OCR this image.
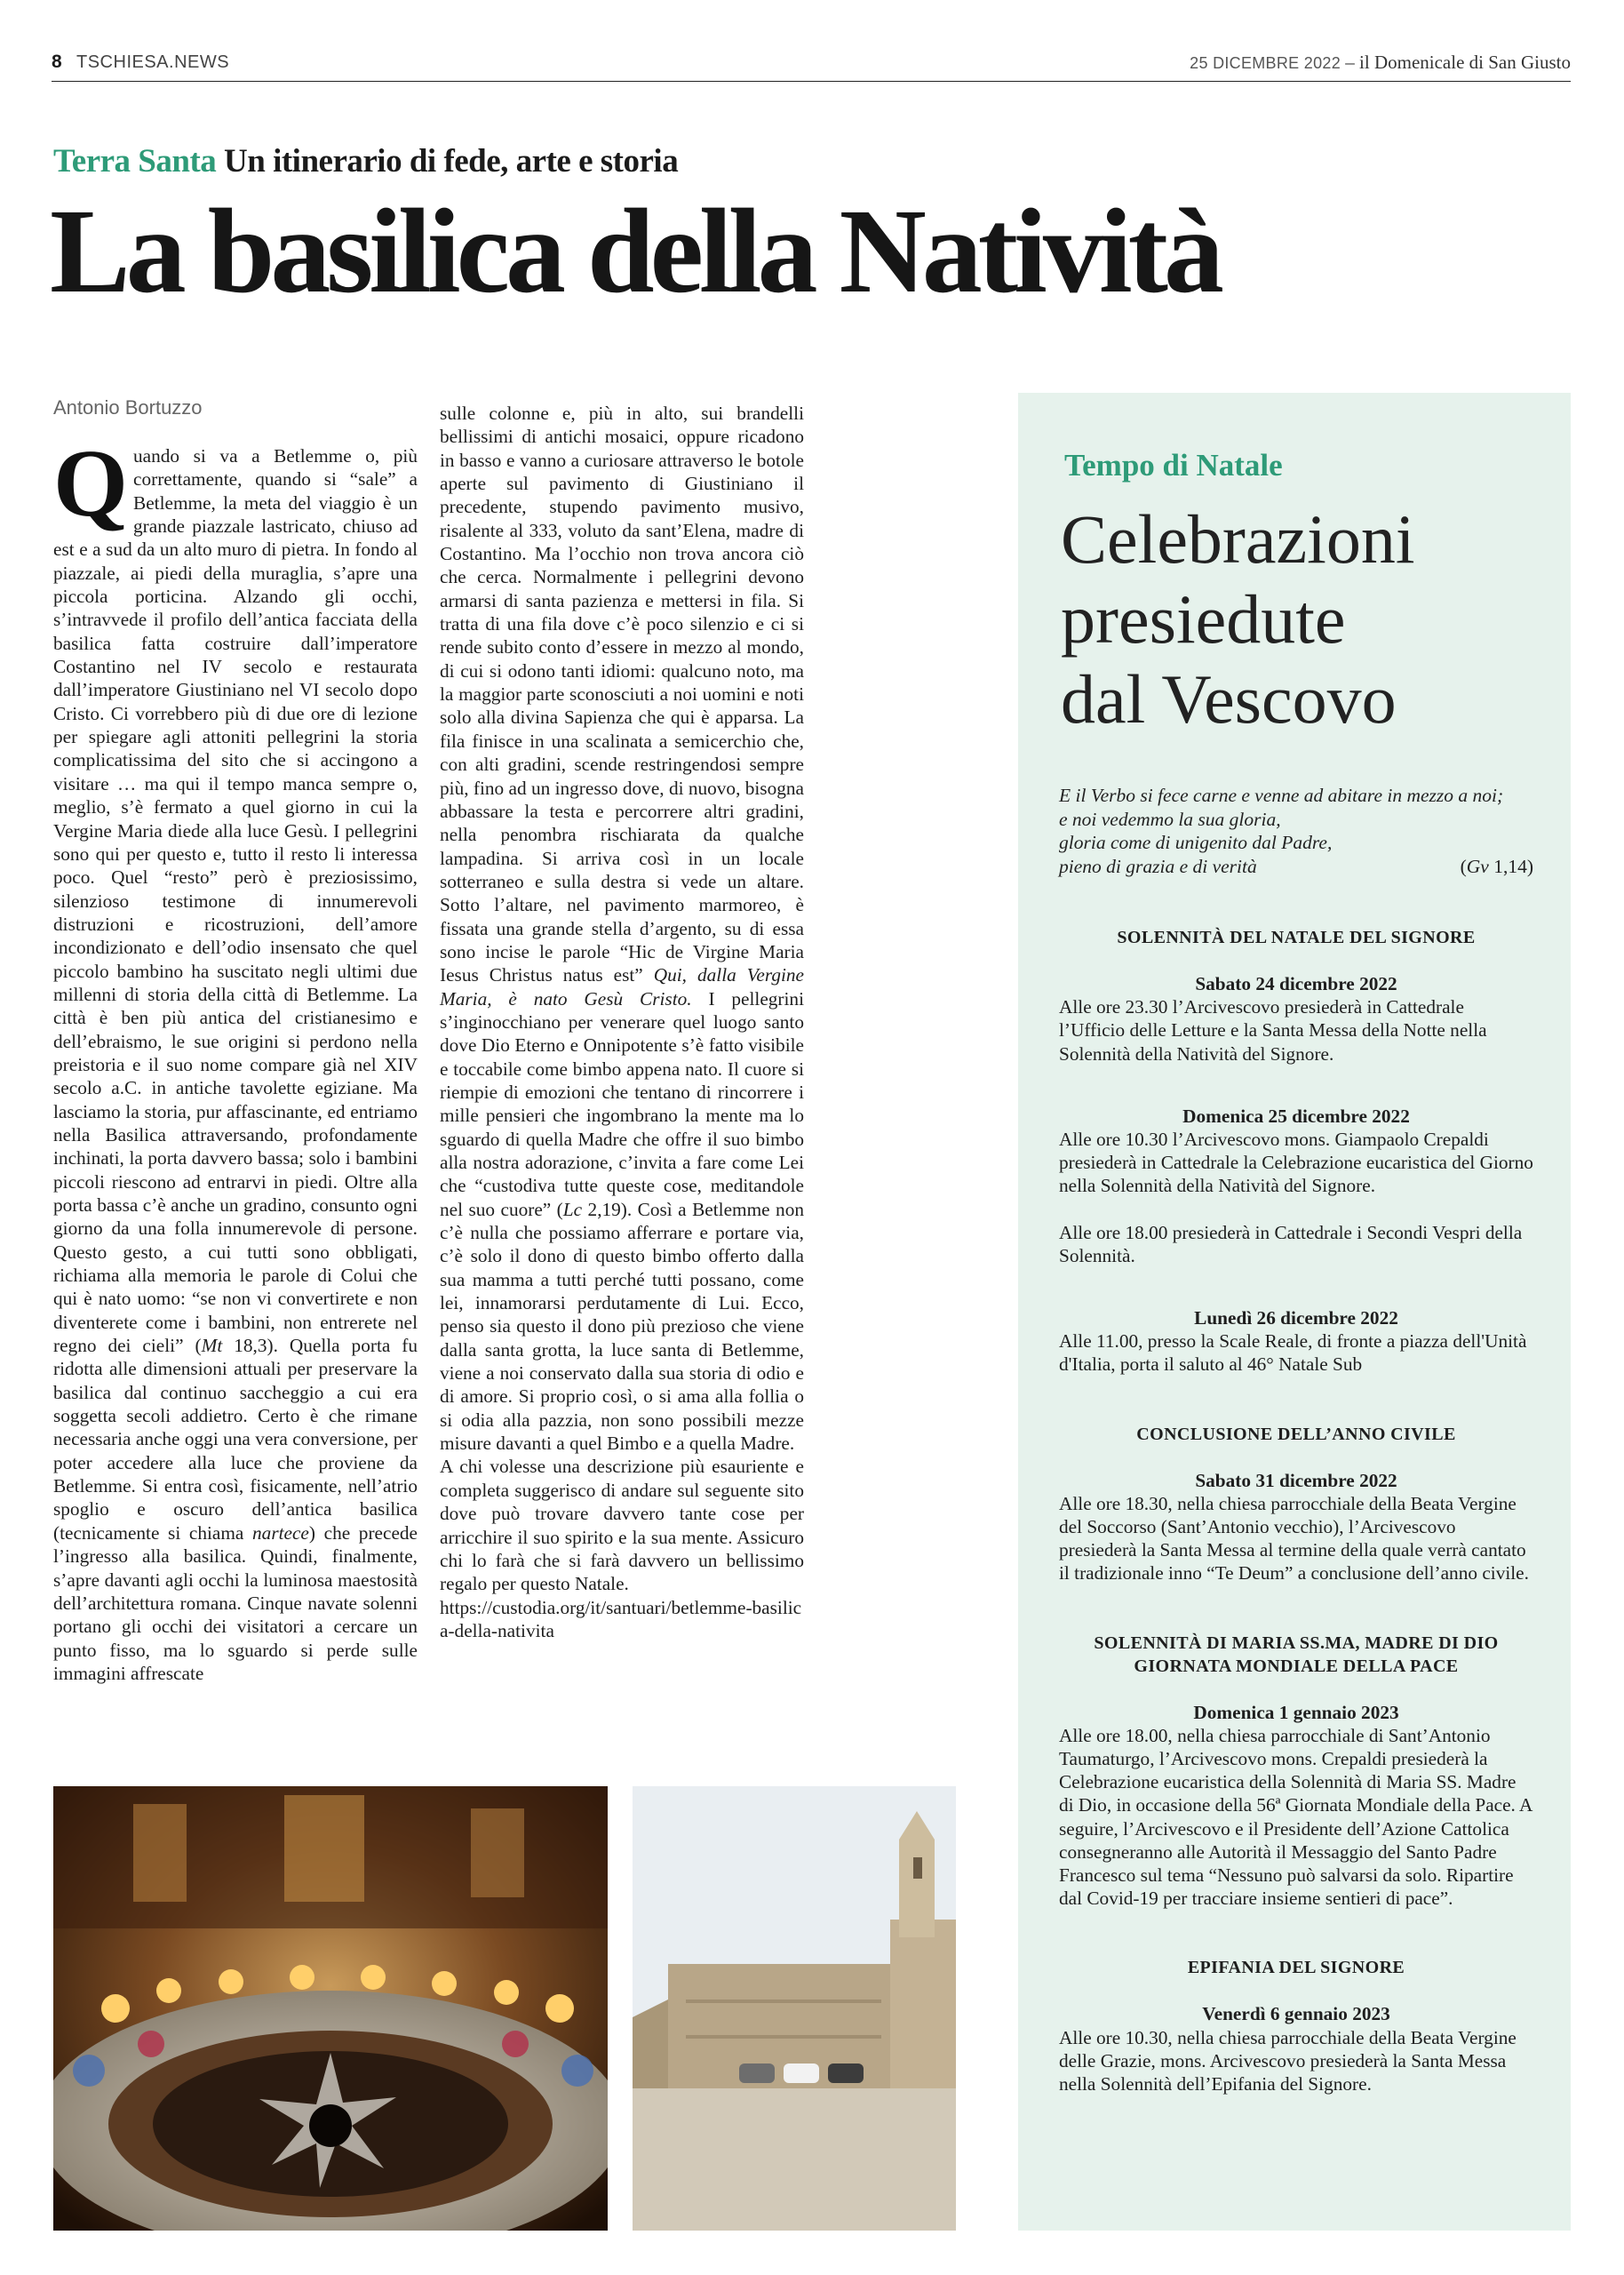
8 TSCHIESA.NEWS	25 DICEMBRE 2022 – il Domenicale di San Giusto
Terra Santa Un itinerario di fede, arte e storia
La basilica della Natività
Antonio Bortuzzo
Q uando si va a Betlemme o, più correttamente, quando si “sale” a Betlemme, la meta del viaggio è un grande piazzale lastricato, chiuso ad est e a sud da un alto muro di pietra. In fondo al piazzale, ai piedi della muraglia, s’apre una piccola porticina. Alzando gli occhi, s’intravvede il profilo dell’antica facciata della basilica fatta costruire dall’imperatore Costantino nel IV secolo e restaurata dall’imperatore Giustiniano nel VI secolo dopo Cristo. Ci vorrebbero più di due ore di lezione per spiegare agli attoniti pellegrini la storia complicatissima del sito che si accingono a visitare … ma qui il tempo manca sempre o, meglio, s’è fermato a quel giorno in cui la Vergine Maria diede alla luce Gesù. I pellegrini sono qui per questo e, tutto il resto li interessa poco. Quel “resto” però è preziosissimo, silenzioso testimone di innumerevoli distruzioni e ricostruzioni, dell’amore incondizionato e dell’odio insensato che quel piccolo bambino ha suscitato negli ultimi due millenni di storia della città di Betlemme. La città è ben più antica del cristianesimo e dell’ebraismo, le sue origini si perdono nella preistoria e il suo nome compare già nel XIV secolo a.C. in antiche tavolette egiziane. Ma lasciamo la storia, pur affascinante, ed entriamo nella Basilica attraversando, profondamente inchinati, la porta davvero bassa; solo i bambini piccoli riescono ad entrarvi in piedi. Oltre alla porta bassa c’è anche un gradino, consunto ogni giorno da una folla innumerevole di persone. Questo gesto, a cui tutti sono obbligati, richiama alla memoria le parole di Colui che qui è nato uomo: “se non vi convertirete e non diventerete come i bambini, non entrerete nel regno dei cieli” (Mt 18,3). Quella porta fu ridotta alle dimensioni attuali per preservare la basilica dal continuo saccheggio a cui era soggetta secoli addietro. Certo è che rimane necessaria anche oggi una vera conversione, per poter accedere alla luce che proviene da Betlemme. Si entra così, fisicamente, nell’atrio spoglio e oscuro dell’antica basilica (tecnicamente si chiama nartece) che precede l’ingresso alla basilica. Quindi, finalmente, s’apre davanti agli occhi la luminosa maestosità dell’architettura romana. Cinque navate solenni portano gli occhi dei visitatori a cercare un punto fisso, ma lo sguardo si perde sulle immagini affrescate

sulle colonne e, più in alto, sui brandelli bellissimi di antichi mosaici, oppure ricadono in basso e vanno a curiosare attraverso le botole aperte sul pavimento di Giustiniano il precedente, stupendo pavimento musivo, risalente al 333, voluto da sant’Elena, madre di Costantino. Ma l’occhio non trova ancora ciò che cerca. Normalmente i pellegrini devono armarsi di santa pazienza e mettersi in fila. Si tratta di una fila dove c’è poco silenzio e ci si rende subito conto d’essere in mezzo al mondo, di cui si odono tanti idiomi: qualcuno noto, ma la maggior parte sconosciuti a noi uomini e noti solo alla divina Sapienza che qui è apparsa. La fila finisce in una scalinata a semicerchio che, con alti gradini, scende restringendosi sempre più, fino ad un ingresso dove, di nuovo, bisogna abbassare la testa e percorrere altri gradini, nella penombra rischiarata da qualche lampadina. Si arriva così in un locale sotterraneo e sulla destra si vede un altare. Sotto l’altare, nel pavimento marmoreo, è fissata una grande stella d’argento, su di essa sono incise le parole “Hic de Virgine Maria Iesus Christus natus est” Qui, dalla Vergine Maria, è nato Gesù Cristo. I pellegrini s’inginocchiano per venerare quel luogo santo dove Dio Eterno e Onnipotente s’è fatto visibile e toccabile come bimbo appena nato. Il cuore si riempie di emozioni che tentano di rincorrere i mille pensieri che ingombrano la mente ma lo sguardo di quella Madre che offre il suo bimbo alla nostra adorazione, c’invita a fare come Lei che “custodiva tutte queste cose, meditandole nel suo cuore” (Lc 2,19). Così a Betlemme non c’è nulla che possiamo afferrare e portare via, c’è solo il dono di questo bimbo offerto dalla sua mamma a tutti perché tutti possano, come lei, innamorarsi perdutamente di Lui. Ecco, penso sia questo il dono più prezioso che viene dalla santa grotta, la luce santa di Betlemme, viene a noi conservato dalla sua storia di odio e di amore. Si proprio così, o si ama alla follia o si odia alla pazzia, non sono possibili mezze misure davanti a quel Bimbo e a quella Madre.

A chi volesse una descrizione più esauriente e completa suggerisco di andare sul seguente sito dove può trovare davvero tante cose per arricchire il suo spirito e la sua mente. Assicuro chi lo farà che si farà davvero un bellissimo regalo per questo Natale.

https://custodia.org/it/santuari/betlemme-basilica-della-nativita

Tempo di Natale
Celebrazioni
presiedute
dal Vescovo
E il Verbo si fece carne e venne ad abitare in mezzo a noi;
e noi vedemmo la sua gloria,
gloria come di unigenito dal Padre,
pieno di grazia e di verità	(Gv 1,14)
SOLENNITÀ DEL NATALE DEL SIGNORE
Sabato 24 dicembre 2022
Alle ore 23.30 l’Arcivescovo presiederà in Cattedrale l’Ufficio delle Letture e la Santa Messa della Notte nella Solennità della Natività del Signore.
Domenica 25 dicembre 2022
Alle ore 10.30 l’Arcivescovo mons. Giampaolo Crepaldi presiederà in Cattedrale la Celebrazione eucaristica del Giorno nella Solennità della Natività del Signore.
Alle ore 18.00 presiederà in Cattedrale i Secondi Vespri della Solennità.
Lunedì 26 dicembre 2022
Alle 11.00, presso la Scale Reale, di fronte a piazza dell'Unità d'Italia, porta il saluto al 46° Natale Sub
CONCLUSIONE DELL’ANNO CIVILE
Sabato 31 dicembre 2022
Alle ore 18.30, nella chiesa parrocchiale della Beata Vergine del Soccorso (Sant’Antonio vecchio), l’Arcivescovo presiederà la Santa Messa al termine della quale verrà cantato il tradizionale inno “Te Deum” a conclusione dell’anno civile.
SOLENNITÀ DI MARIA SS.MA, MADRE DI DIO
GIORNATA MONDIALE DELLA PACE
Domenica 1 gennaio 2023
Alle ore 18.00, nella chiesa parrocchiale di Sant’Antonio Taumaturgo, l’Arcivescovo mons. Crepaldi presiederà la Celebrazione eucaristica della Solennità di Maria SS. Madre di Dio, in occasione della 56ª Giornata Mondiale della Pace. A seguire, l’Arcivescovo e il Presidente dell’Azione Cattolica consegneranno alle Autorità il Messaggio del Santo Padre Francesco sul tema “Nessuno può salvarsi da solo. Ripartire dal Covid-19 per tracciare insieme sentieri di pace”.
EPIFANIA DEL SIGNORE
Venerdì 6 gennaio 2023
Alle ore 10.30, nella chiesa parrocchiale della Beata Vergine delle Grazie, mons. Arcivescovo presiederà la Santa Messa nella Solennità dell’Epifania del Signore.
